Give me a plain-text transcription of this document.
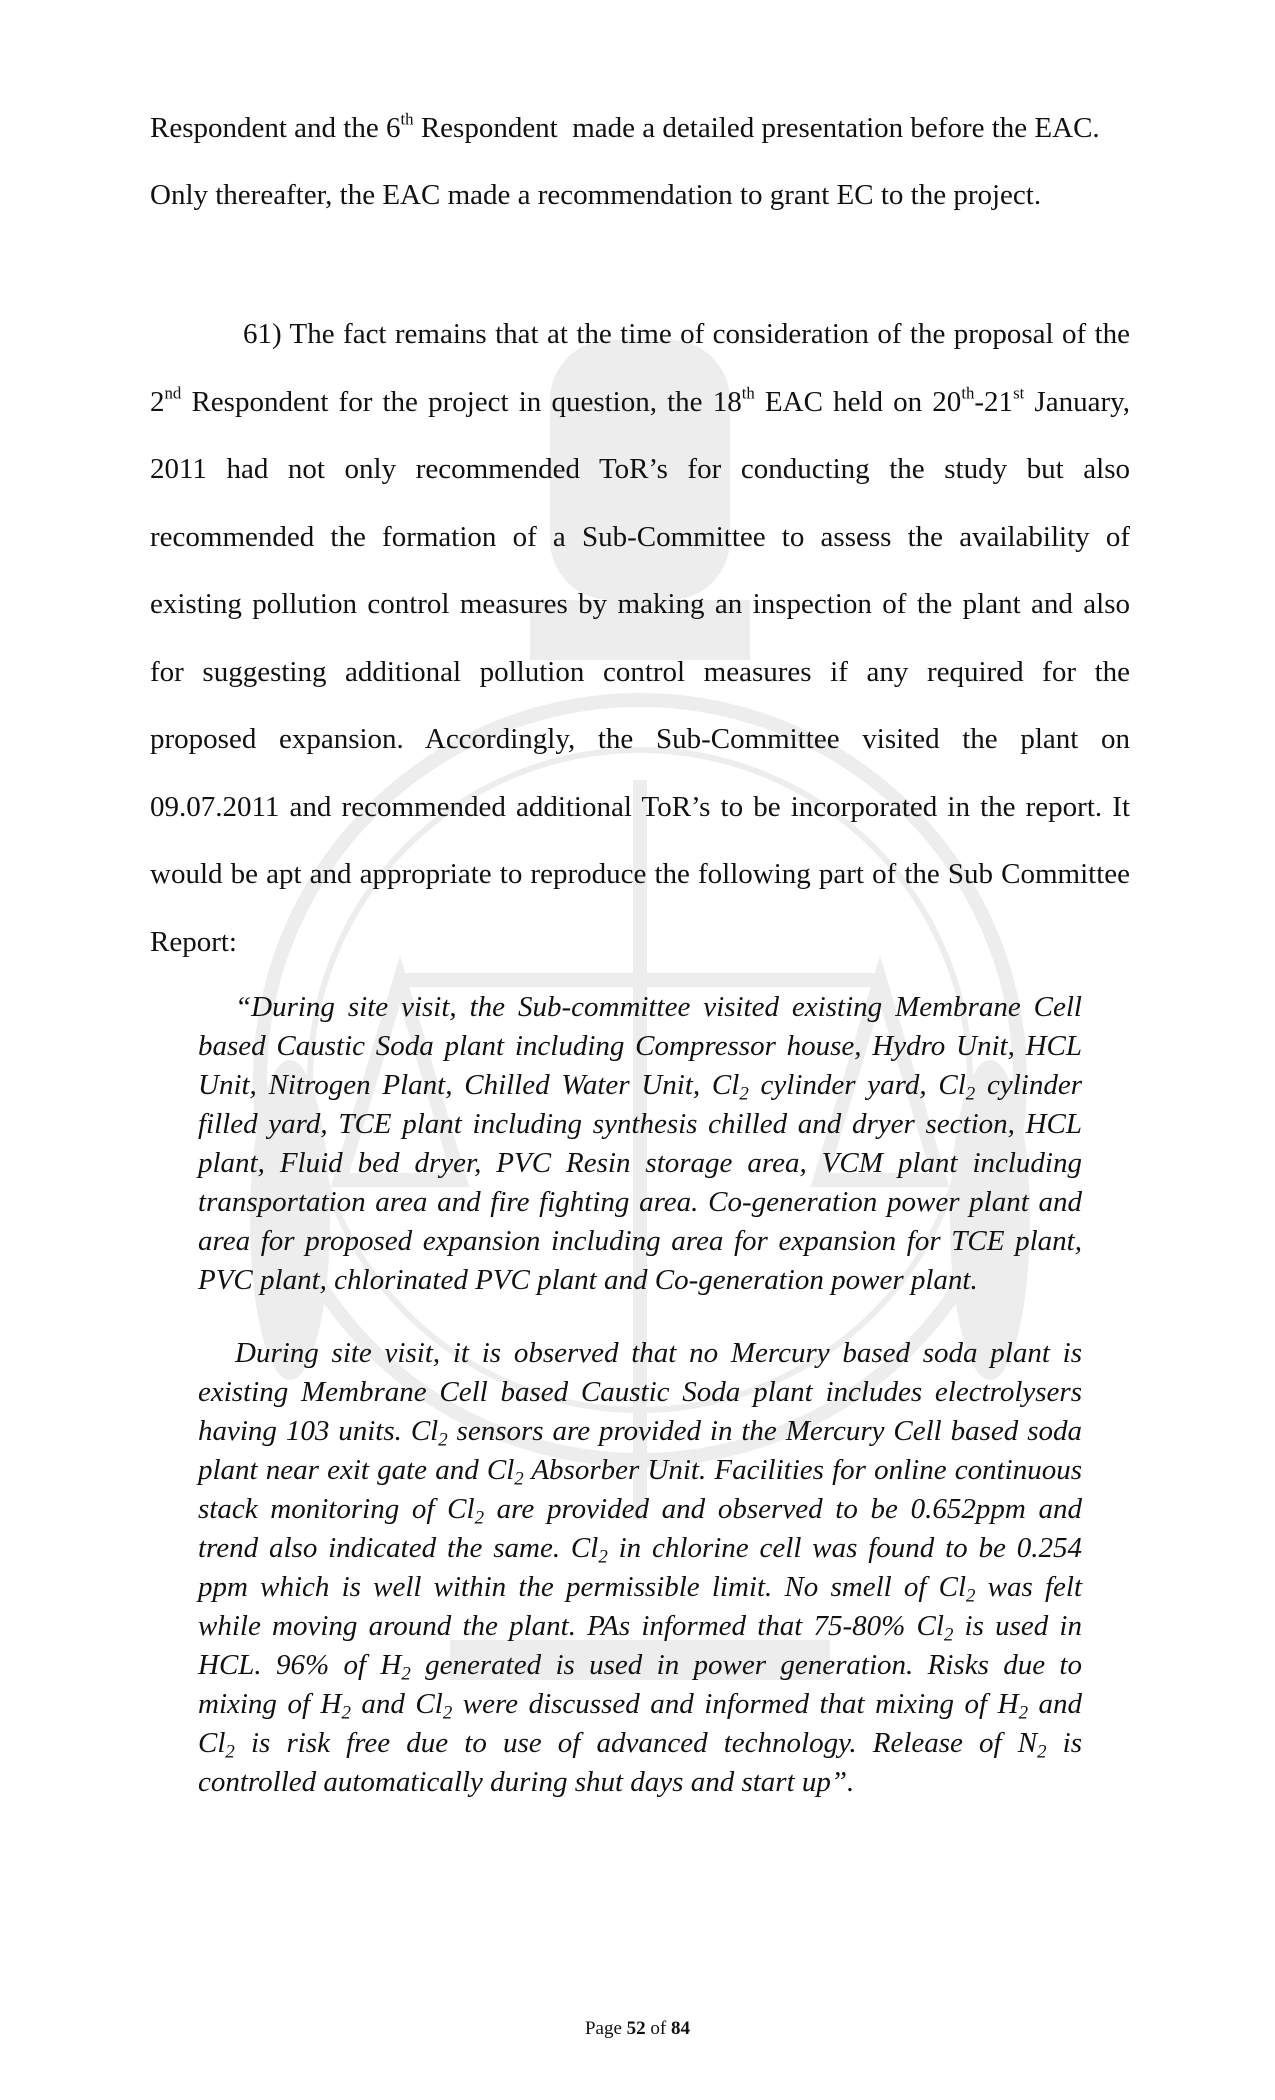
Respondent and the 6th Respondent  made a detailed presentation before the EAC.
Only thereafter, the EAC made a recommendation to grant EC to the project.
61) The fact remains that at the time of consideration of the proposal of the 2nd Respondent for the project in question, the 18th EAC held on 20th-21st January, 2011 had not only recommended ToR’s for conducting the study but also recommended the formation of a Sub-Committee to assess the availability of existing pollution control measures by making an inspection of the plant and also for suggesting additional pollution control measures if any required for the proposed expansion. Accordingly, the Sub-Committee visited the plant on 09.07.2011 and recommended additional ToR’s to be incorporated in the report. It would be apt and appropriate to reproduce the following part of the Sub Committee Report:
“During site visit, the Sub-committee visited existing Membrane Cell based Caustic Soda plant including Compressor house, Hydro Unit, HCL Unit, Nitrogen Plant, Chilled Water Unit, $Cl_2$ cylinder yard, $Cl_2$ cylinder filled yard, TCE plant including synthesis chilled and dryer section, HCL plant, Fluid bed dryer, PVC Resin storage area, VCM plant including transportation area and fire fighting area. Co-generation power plant and area for proposed expansion including area for expansion for TCE plant, PVC plant, chlorinated PVC plant and Co-generation power plant.
During site visit, it is observed that no Mercury based soda plant is existing Membrane Cell based Caustic Soda plant includes electrolysers having 103 units. $Cl_2$ sensors are provided in the Mercury Cell based soda plant near exit gate and $Cl_2$ Absorber Unit. Facilities for online continuous stack monitoring of $Cl_2$ are provided and observed to be 0.652ppm and trend also indicated the same. $Cl_2$ in chlorine cell was found to be 0.254 ppm which is well within the permissible limit. No smell of $Cl_2$ was felt while moving around the plant. PAs informed that 75-80% $Cl_2$ is used in HCL. 96% of $H_2$ generated is used in power generation. Risks due to mixing of $H_2$ and $Cl_2$ were discussed and informed that mixing of $H_2$ and $Cl_2$ is risk free due to use of advanced technology. Release of $N_2$ is controlled automatically during shut days and start up”.
Page 52 of 84
